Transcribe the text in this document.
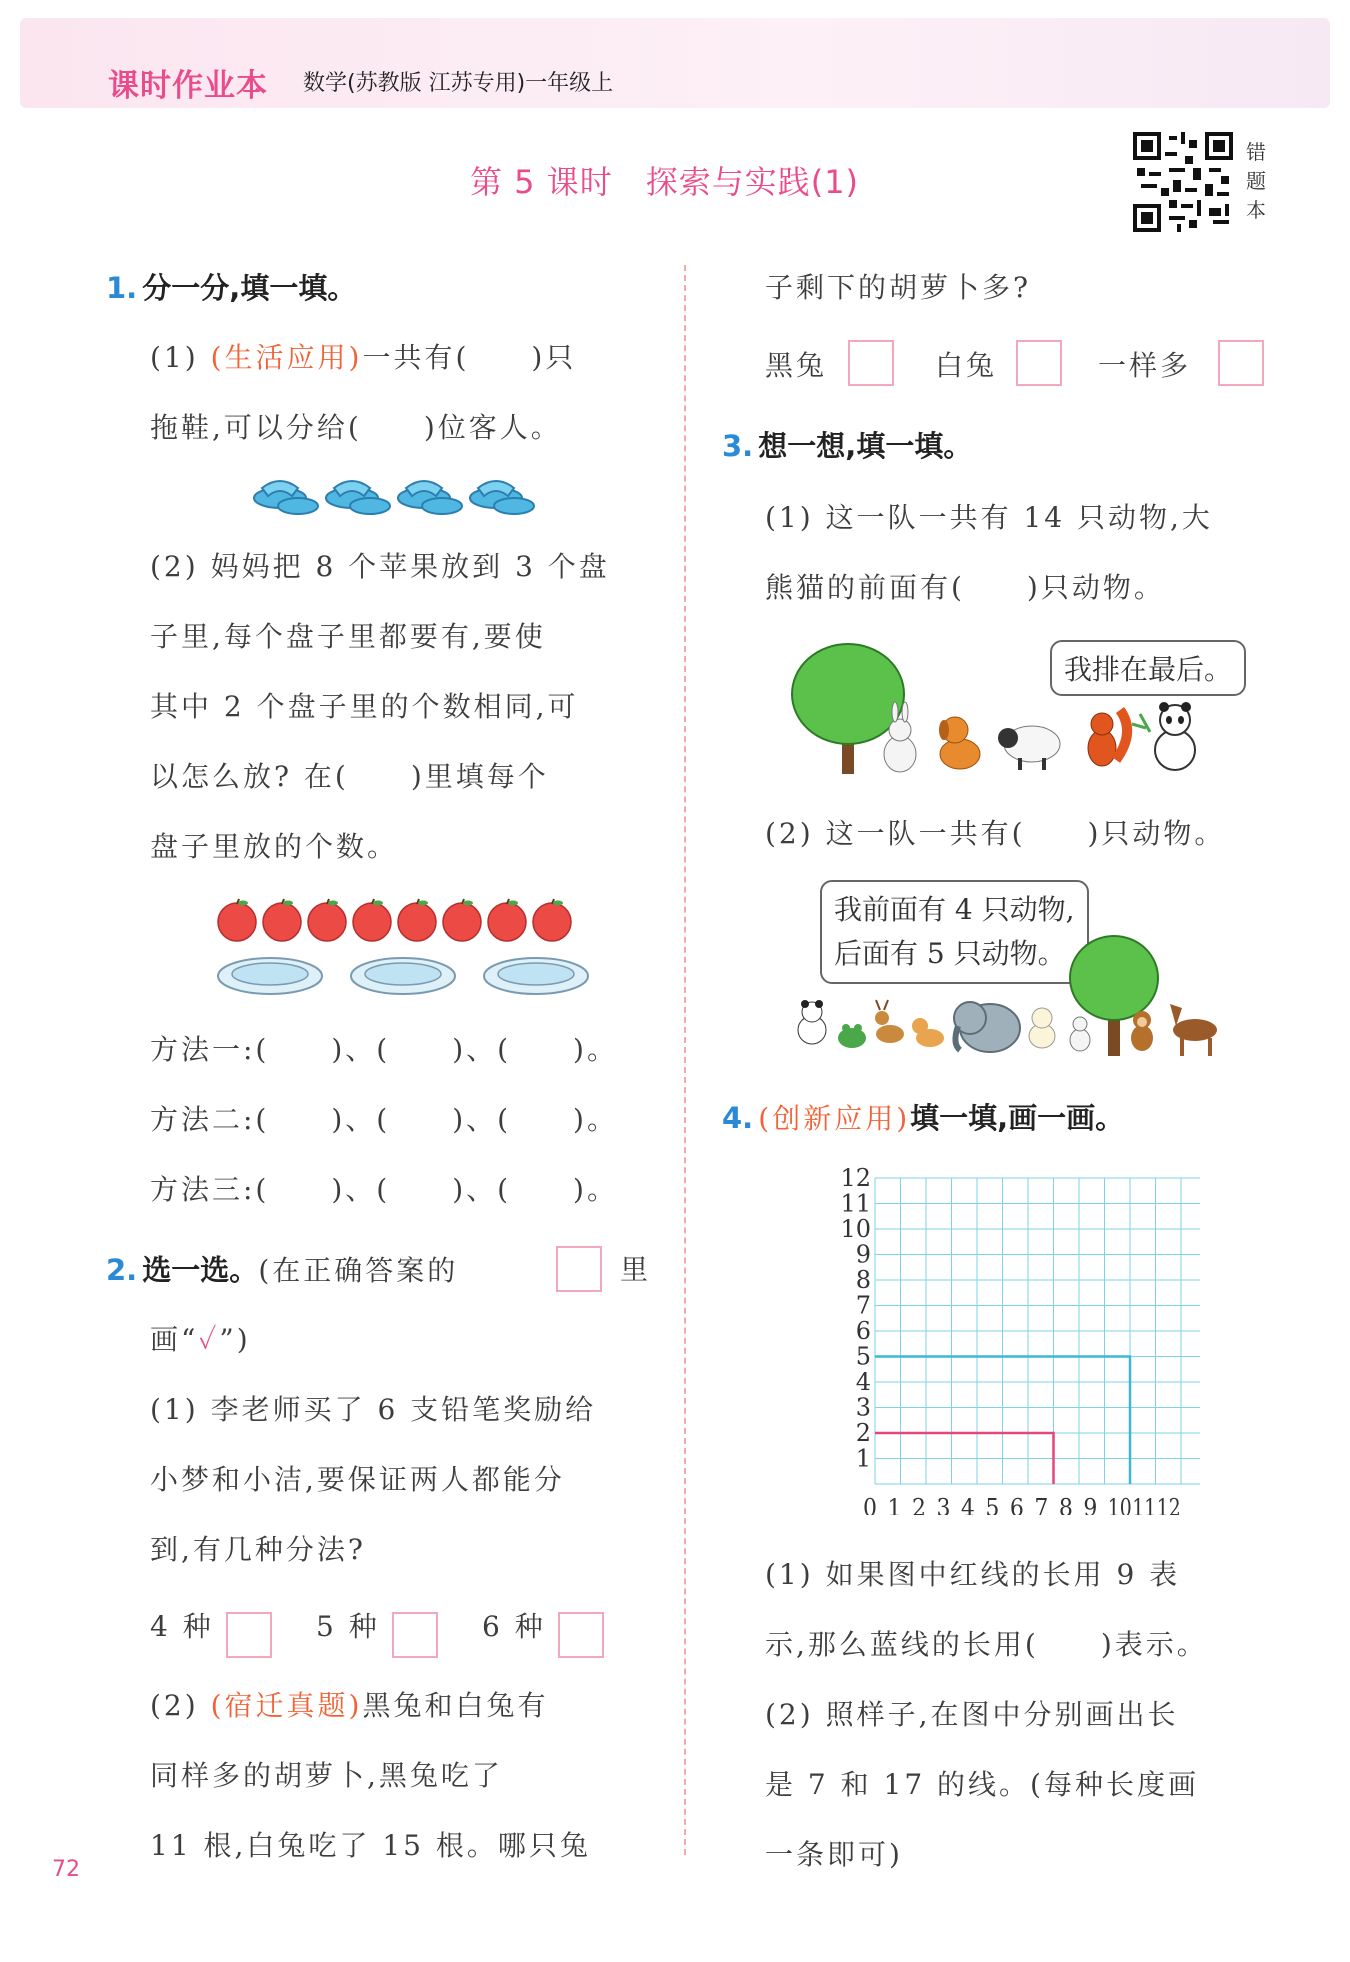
课时作业本 数学(苏教版 江苏专用)一年级上
第 5 课时　探索与实践(1)
错题本
1. 分一分,填一填。
(1) (生活应用)一共有(　　)只
拖鞋,可以分给(　　)位客人。
(2) 妈妈把 8 个苹果放到 3 个盘
子里,每个盘子里都要有,要使
其中 2 个盘子里的个数相同,可
以怎么放? 在(　　)里填每个
盘子里放的个数。
方法一:(　　)、(　　)、(　　)。
方法二:(　　)、(　　)、(　　)。
方法三:(　　)、(　　)、(　　)。
2. 选一选。(在正确答案的	里
画“✓”)
(1) 李老师买了 6 支铅笔奖励给
小梦和小洁,要保证两人都能分
到,有几种分法?
4 种	5 种	6 种
(2) (宿迁真题)黑兔和白兔有
同样多的胡萝卜,黑兔吃了
11 根,白兔吃了 15 根。哪只兔
72
子剩下的胡萝卜多?
黑兔	白兔	一样多
3. 想一想,填一填。
(1) 这一队一共有 14 只动物,大
熊猫的前面有(　　)只动物。
我排在最后。
(2) 这一队一共有(　　)只动物。
我前面有 4 只动物,
后面有 5 只动物。
4. (创新应用)填一填,画一画。
1
2
3
4
5
6
7
8
9
10
11
12
0 1 2 3 4 5 6 7 8 9 10 11 12
(1) 如果图中红线的长用 9 表
示,那么蓝线的长用(　　)表示。
(2) 照样子,在图中分别画出长
是 7 和 17 的线。(每种长度画
一条即可)
